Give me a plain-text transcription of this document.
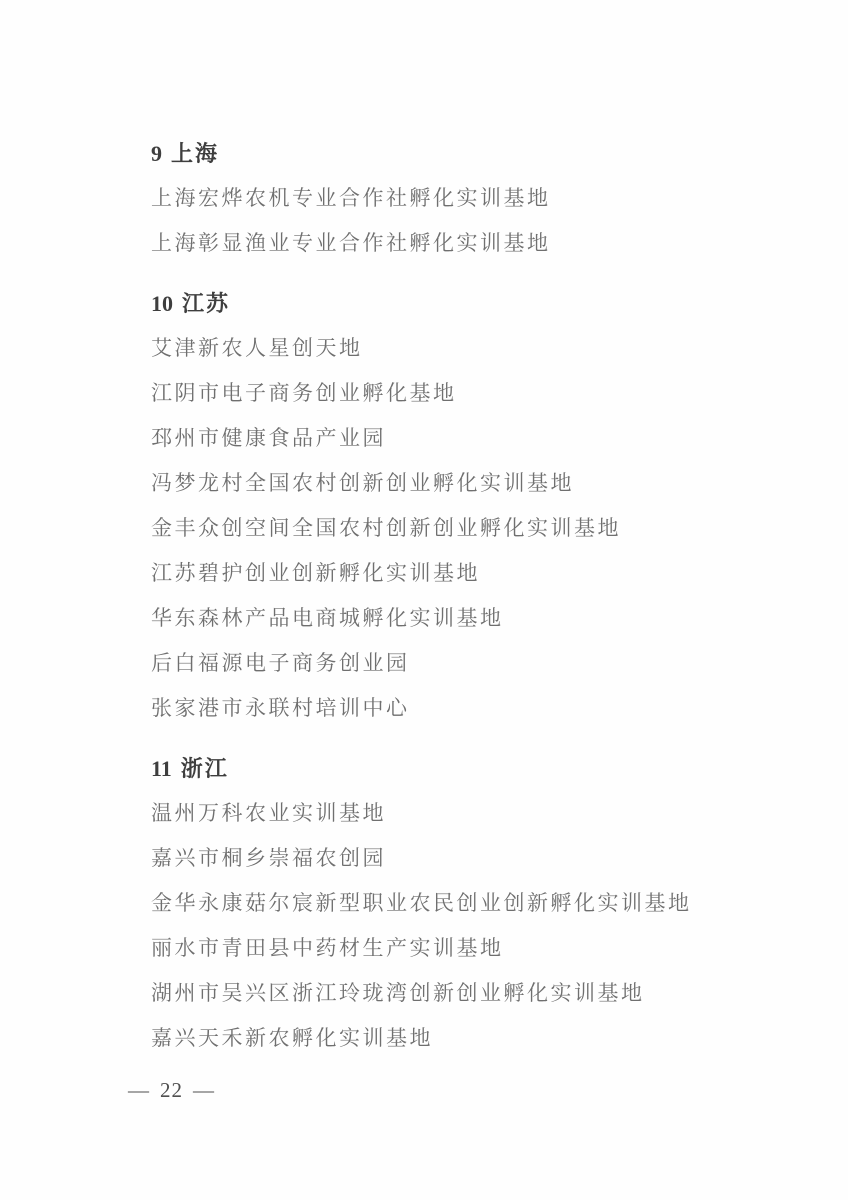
9 上海

上海宏烨农机专业合作社孵化实训基地

上海彰显渔业专业合作社孵化实训基地

10 江苏

艾津新农人星创天地

江阴市电子商务创业孵化基地

邳州市健康食品产业园

冯梦龙村全国农村创新创业孵化实训基地

金丰众创空间全国农村创新创业孵化实训基地

江苏碧护创业创新孵化实训基地

华东森林产品电商城孵化实训基地

后白福源电子商务创业园

张家港市永联村培训中心

11 浙江

温州万科农业实训基地

嘉兴市桐乡崇福农创园

金华永康菇尔宸新型职业农民创业创新孵化实训基地

丽水市青田县中药材生产实训基地

湖州市吴兴区浙江玲珑湾创新创业孵化实训基地

嘉兴天禾新农孵化实训基地

— 22 —
